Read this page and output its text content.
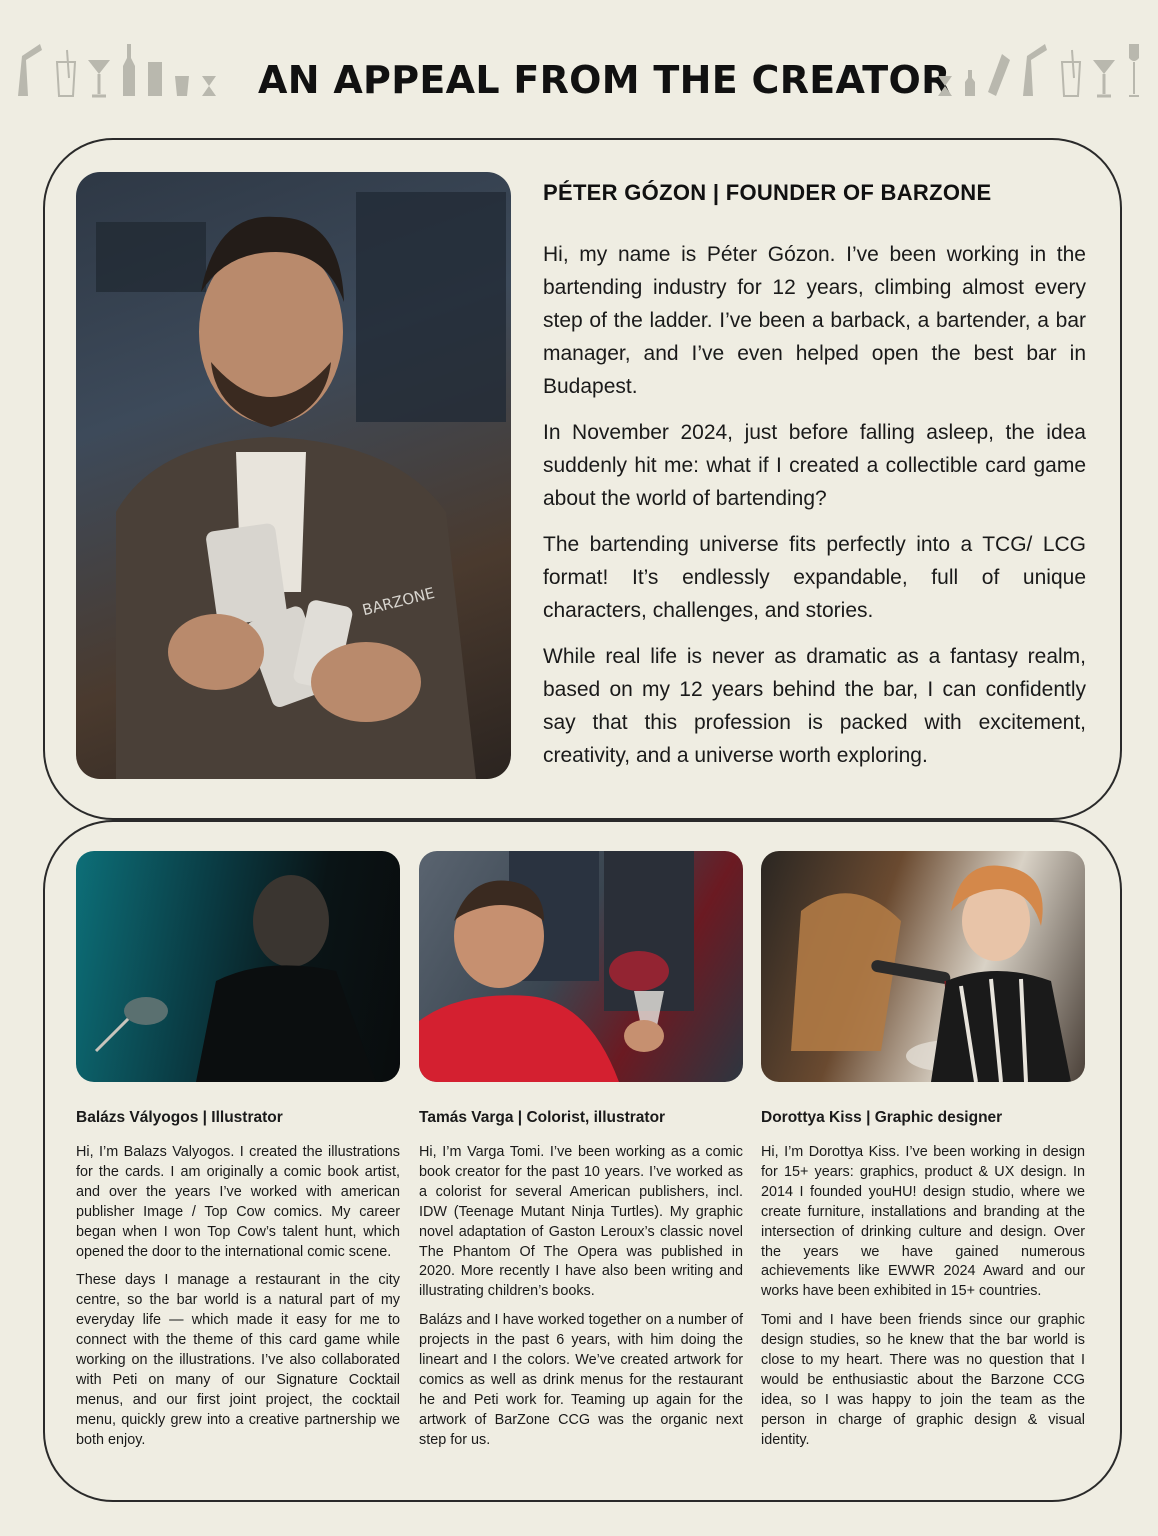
AN APPEAL FROM THE CREATOR
BARZONE
PÉTER GÓZON | FOUNDER OF BARZONE

Hi, my name is Péter Gózon. I’ve been working in the bartending industry for 12 years, climbing almost every step of the ladder. I’ve been a barback, a bartender, a bar manager, and I’ve even helped open the best bar in Budapest.

In November 2024, just before falling asleep, the idea suddenly hit me: what if I created a collectible card game about the world of bartending?

The bartending universe fits perfectly into a TCG/ LCG format! It’s endlessly expandable, full of unique characters, challenges, and stories.

While real life is never as dramatic as a fantasy realm, based on my 12 years behind the bar, I can confidently say that this profession is packed with excitement, creativity, and a universe worth exploring.

Balázs Vályogos | Illustrator

Hi, I’m Balazs Valyogos. I created the illustrations for the cards. I am originally a comic book artist, and over the years I’ve worked with american publisher Image / Top Cow comics. My career began when I won Top Cow’s talent hunt, which opened the door to the international comic scene.

These days I manage a restaurant in the city centre, so the bar world is a natural part of my everyday life — which made it easy for me to connect with the theme of this card game while working on the illustrations. I’ve also collaborated with Peti on many of our Signature Cocktail menus, and our first joint project, the cocktail menu, quickly grew into a creative partnership we both enjoy.

Tamás Varga | Colorist, illustrator

Hi, I’m Varga Tomi. I’ve been working as a comic book creator for the past 10 years. I’ve worked as a colorist for several American publishers, incl. IDW (Teenage Mutant Ninja Turtles). My graphic novel adaptation of Gaston Leroux’s classic novel The Phantom Of The Opera was published in 2020. More recently I have also been writing and illustrating children’s books.

Balázs and I have worked together on a number of projects in the past 6 years, with him doing the lineart and I the colors. We’ve created artwork for comics as well as drink menus for the restaurant he and Peti work for. Teaming up again for the artwork of BarZone CCG was the organic next step for us.

Dorottya Kiss | Graphic designer

Hi, I’m Dorottya Kiss. I’ve been working in design for 15+ years: graphics, product & UX design. In 2014 I founded youHU! design studio, where we create furniture, installations and branding at the intersection of drinking culture and design. Over the years we have gained numerous achievements like EWWR 2024 Award and our works have been exhibited in 15+ countries.

Tomi and I have been friends since our graphic design studies, so he knew that the bar world is close to my heart. There was no question that I would be enthusiastic about the Barzone CCG idea, so I was happy to join the team as the person in charge of graphic design & visual identity.
